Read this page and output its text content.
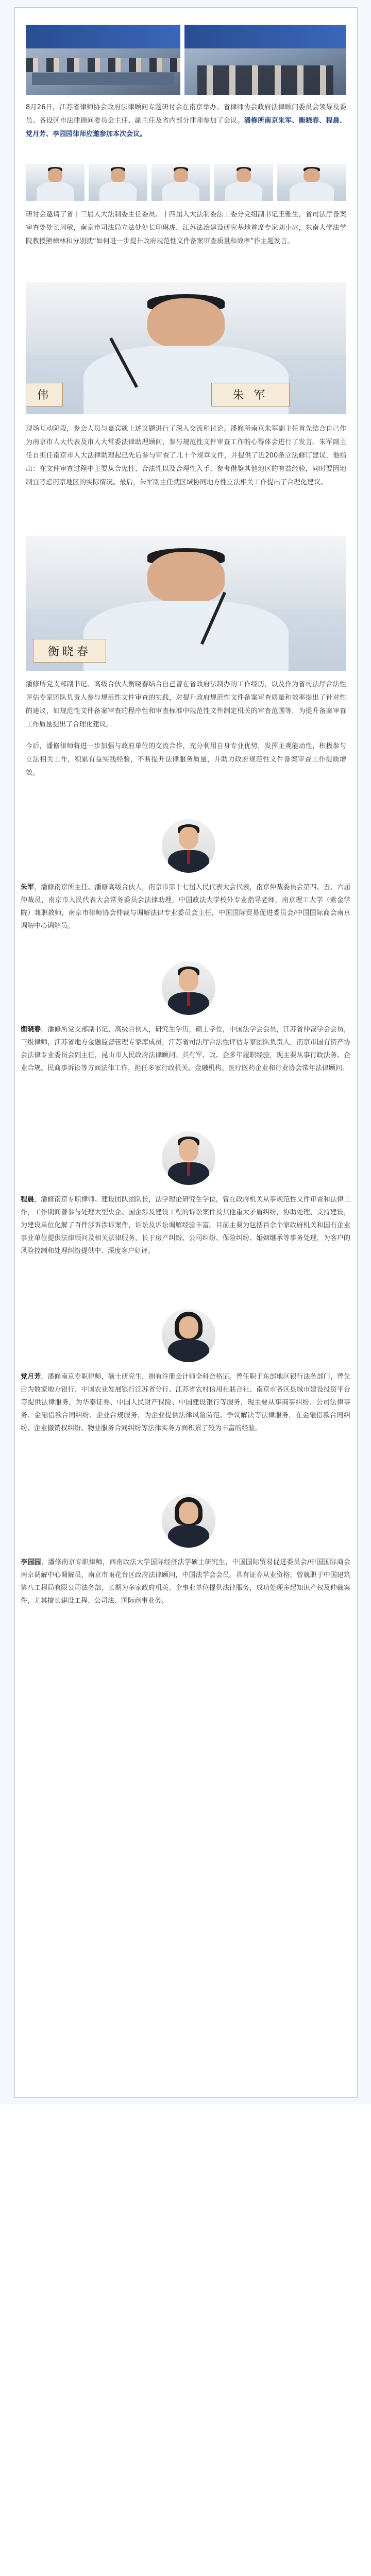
8月26日，江苏省律师协会政府法律顾问专题研讨会在南京举办。省律师协会政府法律顾问委员会领导及委员、各设区市法律顾问委员会主任、副主任及省内部分律师参加了会议。潘修所南京朱军、衡晓春、程晨、党月芳、李园园律师应邀参加本次会议。

研讨会邀请了省十三届人大法制委主任委员、十四届人大法制委法工委分党组副书记王雅生，省司法厅备案审查处处长周敏，南京市司法局立法处处长印琳虎，江苏法治建设研究基地首席专家刘小冰，东南大学法学院教授熊樟林和分别就“如何进一步提升政府规范性文件备案审查质量和效率”作主题发言。

伟	朱 军

现场互动阶段，参会人员与嘉宾就上述议题进行了深入交流和讨论。潘修所南京朱军副主任首先结合自己作为南京市人大代表及市人大常委法律助理顾问，参与规范性文件审查工作的心得体会进行了发言。朱军副主任自担任南京市人大法律助理起已先后参与审查了几十个规章文件，并提供了近200条立法修订建议，他指出：在文件审查过程中主要从合宪性、合法性以及合理性入手，参考借鉴其他地区的有益经验，同时要因地制宜考虑南京地区的实际情况。最后，朱军副主任就区域协同地方性立法相关工作提出了合理化建议。

衡晓春

潘修所党支部副书记、高级合伙人衡晓春结合自己曾在省政府法制办的工作经历，以及作为省司法厅合法性评估专家团队负责人参与规范性文件审查的实践，对提升政府规范性文件备案审查质量和效率提出了针对性的建议，如规范性文件备案审查的程序性和审查标准中规范性文件制定机关的审查范围等，为提升备案审查工作质量提出了合理化建议。

今后，潘修律师将进一步加强与政府单位的交流合作，充分利用自身专业优势，发挥主观能动性，积极参与立法相关工作，积累有益实践经验，不断提升法律服务质量，并助力政府规范性文件备案审查工作提质增效。

朱军，潘修南京所主任、潘修高级合伙人，南京市第十七届人民代表大会代表，南京仲裁委员会第四、五、六届仲裁员，南京市人民代表大会常务委员会法律助理，中国政法大学校外专业指导老师，南京理工大学（紫金学院）兼职教师，南京市律师协会仲裁与调解法律专业委员会主任，中国国际贸易促进委员会/中国国际商会南京调解中心调解员。

衡晓春，潘修所党支部副书记、高级合伙人，研究生学历，硕士学位，中国法学会会员，江苏省仲裁学会会员，三级律师，江苏省地方金融监督管理专家库成员，江苏省司法厅合法性评估专家团队负责人，南京市国有资产协会法律专业委员会副主任，昆山市人民政府法律顾问。具有军、政、企多年履职经验，现主要从事行政法务、企业合规、民商事诉讼等方面法律工作，担任多家行政机关、金融机构、医疗医药企业和行业协会常年法律顾问。

程晨，潘修南京专职律师、建设团队团队长，法学理论研究生学位，曾在政府机关从事规范性文件审查和法律工作，工作期间曾参与处理大型央企、国企涉及建设工程的诉讼案件及其他重大矛盾纠纷，协助处理、支持建设，为建设单位化解了百件涉诉涉诉案件，诉讼及诉讼调解经验丰富。目前主要为包括百余个家政府机关和国有企业事业单位提供法律顾问及相关法律服务，长于房产纠纷、公司纠纷、保险纠纷、婚姻继承等事务处理，为客户的风险控制和处理纠纷提供中、深度客户好评。

党月芳，潘修南京专职律师，硕士研究生，拥有注册会计师全科合格证。曾任职于东部地区银行法务部门，曾先后为数家地方银行、中国农业发展银行江苏省分行、江苏省农村信用社联合社、南京市各区县城市建设投资平台等提供法律服务，为华泰证券、中国人民财产保险、中国建设银行等服务，现主要从事商事纠纷、公司法律事务、金融借款合同纠纷、企业合规服务，为企业提供法律风险防范、争议解决等法律服务，在金融借款合同纠纷、企业撤销权纠纷、物业服务合同纠纷等法律实务方面积累了较为丰富的经验。

李园园，潘修南京专职律师，西南政法大学国际经济法学硕士研究生，中国国际贸易促进委员会/中国国际商会南京调解中心调解员，南京市雨花台区政府法律顾问，中国法学会会员。具有证券从业资格，曾就职于中国建筑第八工程局有限公司法务部，长期为多家政府机关、企事业单位提供法律服务，成功处理多起知识产权及仲裁案件，尤其擅长建设工程、公司法、国际商事业务。
